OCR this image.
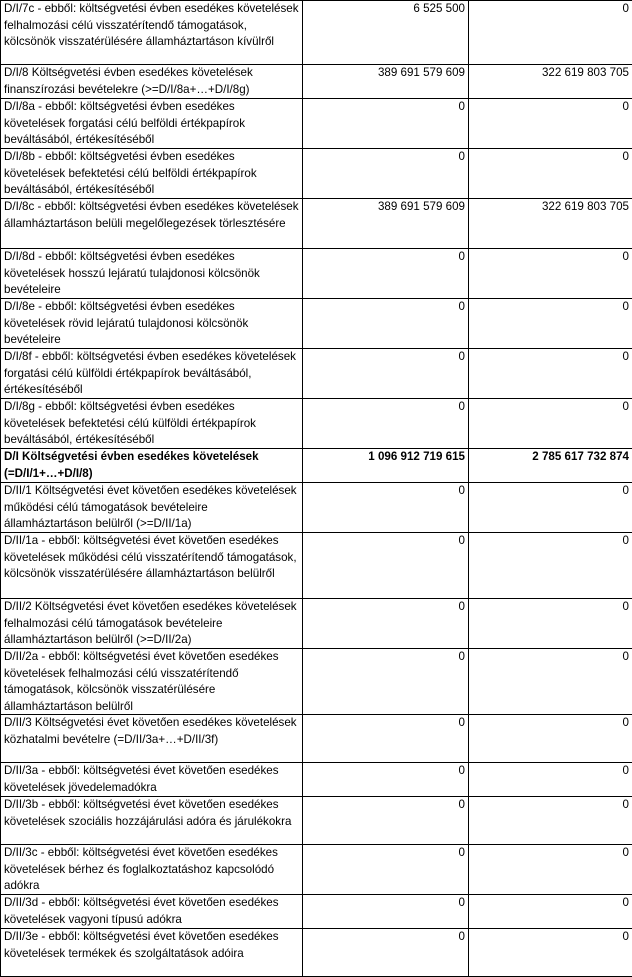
D/I/7c - ebből: költségvetési évben esedékes követelések felhalmozási célú visszatérítendő támogatások, kölcsönök visszatérülésére államháztartáson kívülről	6 525 500	0

D/I/8 Költségvetési évben esedékes követelések finanszírozási bevételekre (>=D/I/8a+…+D/I/8g)	389 691 579 609	322 619 803 705

D/I/8a - ebből: költségvetési évben esedékes követelések forgatási célú belföldi értékpapírok beváltásából, értékesítéséből	0	0

D/I/8b - ebből: költségvetési évben esedékes követelések befektetési célú belföldi értékpapírok beváltásából, értékesítéséből	0	0

D/I/8c - ebből: költségvetési évben esedékes követelések államháztartáson belüli megelőlegezések törlesztésére	389 691 579 609	322 619 803 705

D/I/8d - ebből: költségvetési évben esedékes követelések hosszú lejáratú tulajdonosi kölcsönök bevételeire	0	0

D/I/8e - ebből: költségvetési évben esedékes követelések rövid lejáratú tulajdonosi kölcsönök bevételeire	0	0

D/I/8f - ebből: költségvetési évben esedékes követelések forgatási célú külföldi értékpapírok beváltásából, értékesítéséből	0	0

D/I/8g - ebből: költségvetési évben esedékes követelések befektetési célú külföldi értékpapírok beváltásából, értékesítéséből	0	0

D/I Költségvetési évben esedékes követelések (=D/I/1+…+D/I/8)	1 096 912 719 615	2 785 617 732 874

D/II/1 Költségvetési évet követően esedékes követelések működési célú támogatások bevételeire államháztartáson belülről (>=D/II/1a)	0	0

D/II/1a - ebből: költségvetési évet követően esedékes követelések működési célú visszatérítendő támogatások, kölcsönök visszatérülésére államháztartáson belülről	0	0

D/II/2 Költségvetési évet követően esedékes követelések felhalmozási célú támogatások bevételeire államháztartáson belülről (>=D/II/2a)	0	0

D/II/2a - ebből: költségvetési évet követően esedékes követelések felhalmozási célú visszatérítendő támogatások, kölcsönök visszatérülésére államháztartáson belülről	0	0

D/II/3 Költségvetési évet követően esedékes követelések közhatalmi bevételre (=D/II/3a+…+D/II/3f)	0	0

D/II/3a - ebből: költségvetési évet követően esedékes követelések jövedelemadókra	0	0

D/II/3b - ebből: költségvetési évet követően esedékes követelések szociális hozzájárulási adóra és járulékokra	0	0

D/II/3c - ebből: költségvetési évet követően esedékes követelések bérhez és foglalkoztatáshoz kapcsolódó adókra	0	0

D/II/3d - ebből: költségvetési évet követően esedékes követelések vagyoni típusú adókra	0	0

D/II/3e - ebből: költségvetési évet követően esedékes követelések termékek és szolgáltatások adóira	0	0
